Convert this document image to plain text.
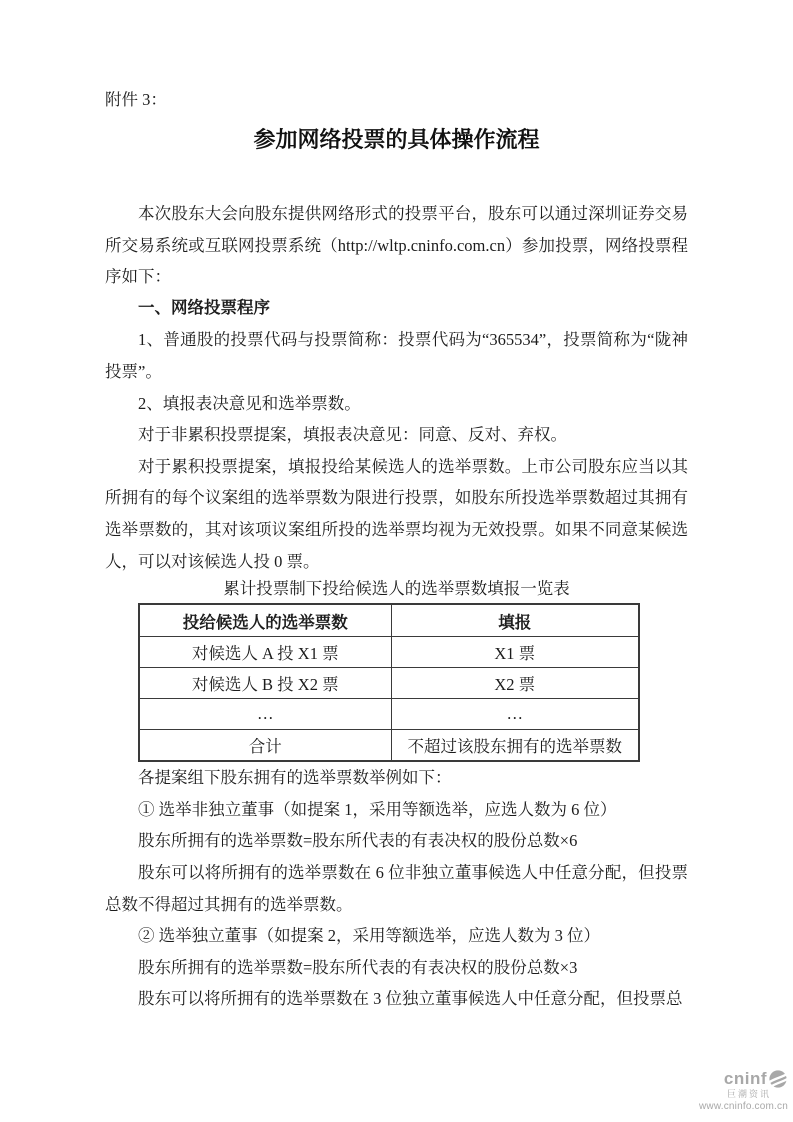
附件 3：
参加网络投票的具体操作流程

本次股东大会向股东提供网络形式的投票平台，股东可以通过深圳证券交易所交易系统或互联网投票系统（http://wltp.cninfo.com.cn）参加投票，网络投票程序如下：

一、网络投票程序

1、普通股的投票代码与投票简称：投票代码为“365534”，投票简称为“陇神投票”。

2、填报表决意见和选举票数。

对于非累积投票提案，填报表决意见：同意、反对、弃权。

对于累积投票提案，填报投给某候选人的选举票数。上市公司股东应当以其所拥有的每个议案组的选举票数为限进行投票，如股东所投选举票数超过其拥有选举票数的，其对该项议案组所投的选举票均视为无效投票。如果不同意某候选人，可以对该候选人投 0 票。

累计投票制下投给候选人的选举票数填报一览表

投给候选人的选举票数	填报
对候选人 A 投 X1 票	X1 票
对候选人 B 投 X2 票	X2 票
…	…
合计	不超过该股东拥有的选举票数

各提案组下股东拥有的选举票数举例如下：

① 选举非独立董事（如提案 1，采用等额选举，应选人数为 6 位）

股东所拥有的选举票数=股东所代表的有表决权的股份总数×6

股东可以将所拥有的选举票数在 6 位非独立董事候选人中任意分配，但投票总数不得超过其拥有的选举票数。

② 选举独立董事（如提案 2，采用等额选举，应选人数为 3 位）

股东所拥有的选举票数=股东所代表的有表决权的股份总数×3

股东可以将所拥有的选举票数在 3 位独立董事候选人中任意分配，但投票总

cninf
巨潮资讯
www.cninfo.com.cn
